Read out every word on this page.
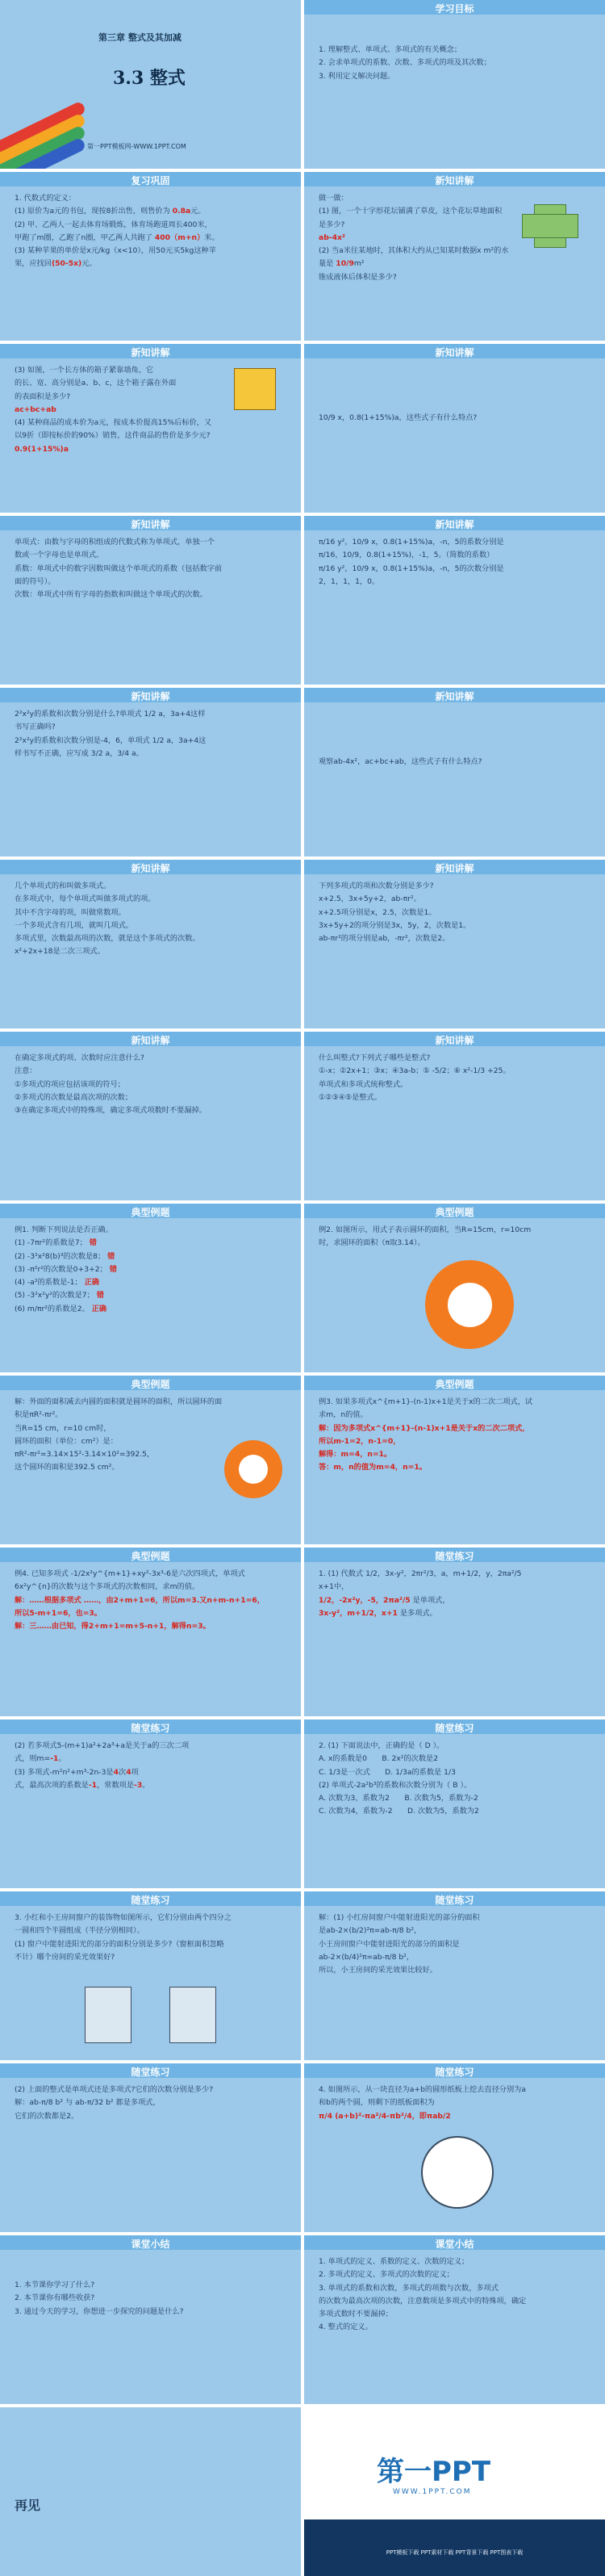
第三章 整式及其加减
3.3 整式
第一PPT模板网-WWW.1PPT.COM
学习目标

1. 理解整式、单项式、多项式的有关概念；

2. 会求单项式的系数、次数、多项式的项及其次数；

3. 利用定义解决问题。

复习巩固

1. 代数式的定义：

(1) 原价为a元的书包，现按8折出售，则售价为 0.8a元。

(2) 甲、乙两人一起去体育场锻炼，体育场跑道周长400米，

甲跑了m圈，乙跑了n圈，甲乙两人共跑了 400（m+n）米。

(3) 某种苹果的单价是x元/kg（x<10），用50元买5kg这种苹

果，应找回(50-5x)元。

新知讲解

做一做：

(1) 图，一个十字形花坛铺满了草皮，这个花坛草地面积

是多少?

ab-4x²

(2) 当a米往某地时，其体积大约从已知某时数据x m²的水

量是 10/9m²

锥成液体后体积是多少?

新知讲解

(3) 如图，一个长方体的箱子紧靠墙角，它

的长、宽、高分别是a、b、c，这个箱子露在外面

的表面积是多少?

ac+bc+ab

(4) 某种商品的成本价为a元，按成本价提高15%后标价，又

以9折（即按标价的90%）销售，这件商品的售价是多少元?

0.9(1+15%)a

新知讲解

10/9 x，0.8(1+15%)a，这些式子有什么特点?

新知讲解

单项式：由数与字母的积组成的代数式称为单项式，单独一个

数或一个字母也是单项式。

系数：单项式中的数字因数叫做这个单项式的系数（包括数字前

面的符号）。

次数：单项式中所有字母的指数和叫做这个单项式的次数。

新知讲解

π/16 y²，10/9 x，0.8(1+15%)a，-n，5的系数分别是

π/16，10/9，0.8(1+15%)，-1，5。（简数的系数）

π/16 y²，10/9 x，0.8(1+15%)a，-n，5的次数分别是

2，1，1，1，0。

新知讲解

2²x²y的系数和次数分别是什么?单项式 1/2 a，3a+4这样

书写正确吗?

2²x²y的系数和次数分别是-4，6，单项式 1/2 a，3a+4这

样书写不正确，应写成 3/2 a，3/4 a。

新知讲解

观察ab-4x²，ac+bc+ab，这些式子有什么特点?

新知讲解

几个单项式的和叫做多项式。

在多项式中，每个单项式叫做多项式的项。

其中不含字母的项，叫做常数项。

一个多项式含有几项，就叫几项式。

多项式里，次数最高项的次数，就是这个多项式的次数。

x²+2x+18是二次三项式。

新知讲解

下列多项式的项和次数分别是多少?

x+2.5，3x+5y+2，ab-πr²。

x+2.5项分别是x，2.5，次数是1。

3x+5y+2的项分别是3x，5y，2，次数是1。

ab-πr²的项分别是ab，-πr²，次数是2。

新知讲解

在确定多项式的项、次数时应注意什么?

注意：

①多项式的项应包括该项的符号；

②多项式的次数是最高次项的次数；

③在确定多项式中的特殊项，确定多项式项数时不要漏掉。

新知讲解

什么叫整式?下列式子哪些是整式?

①-x；②2x+1；③x；④3a-b；⑤ -5/2；⑥ x²-1/3 +25。

单项式和多项式统称整式。

①②③④⑤是整式。

典型例题

例1. 判断下列说法是否正确。

(1) -7πr²的系数是7； 错

(2) -3²x²8(b)³的次数是8； 错

(3) -π²r²的次数是0+3+2； 错

(4) -a²的系数是-1； 正确

(5) -3²x²y²的次数是7； 错

(6) m/πr²的系数是2。 正确

典型例题

例2. 如图所示，用式子表示圆环的面积，当R=15cm，r=10cm

时，求圆环的面积（π取3.14）。

典型例题

解：外面的面积减去内圆的面积就是圆环的面积，所以圆环的面

积是πR²-πr²。

当R=15 cm，r=10 cm时，

圆环的面积（单位：cm²）是：

πR²-πr²=3.14×15²-3.14×10²=392.5，

这个圆环的面积是392.5 cm²。

典型例题

例3. 如果多项式x^{m+1}-(n-1)x+1是关于x的二次二项式，试

求m，n的值。

解：因为多项式x^{m+1}-(n-1)x+1是关于x的二次二项式，

所以m-1=2，n-1=0，

解得：m=4，n=1。

答：m，n的值为m=4，n=1。

典型例题

例4. 已知多项式 -1/2x²y^{m+1}+xy²-3x³-6是六次四项式，单项式

6x²y^{n}的次数与这个多项式的次数相同，求m的值。

解：……根据多项式 ……，由2+m+1=6，所以m=3.又n+m-n+1=6，

所以5-m+1=6，也=3。

解：三……由已知，得2+m+1=m+5-n+1，解得n=3。

随堂练习

1. (1) 代数式 1/2，3x-y²，2πr²/3，a，m+1/2，y，2πa²/5

x+1中，

1/2，-2x²y，-5，2πa²/5 是单项式，

3x-y²，m+1/2，x+1 是多项式。

随堂练习

(2) 若多项式5-(m+1)a²+2a³+a是关于a的三次二项

式，则m=-1。

(3) 多项式-m²n²+m³-2n-3是4次4项

式，最高次项的系数是-1，常数项是-3。

随堂练习

2. (1) 下面说法中，正确的是（ D ）。

A. x的系数是0　　B. 2x²的次数是2

C. 1/3是一次式　　D. 1/3a的系数是 1/3

(2) 单项式-2a²b³的系数和次数分别为（ B ）。

A. 次数为3，系数为2　　B. 次数为5，系数为-2

C. 次数为4，系数为-2　　D. 次数为5，系数为2

随堂练习

3. 小红和小王房间窗户的装饰物如图所示，它们分别由两个四分之

一圆和四个半圆组成（半径分别相同）。

(1) 窗户中能射进阳光的部分的面积分别是多少?（窗框面积忽略

不计）哪个房间的采光效果好?

随堂练习

解：(1) 小红房间窗户中能射进阳光的部分的面积

是ab-2×(b/2)²π=ab-π/8 b²，

小王房间窗户中能射进阳光的部分的面积是

ab-2×(b/4)²π=ab-π/8 b²，

所以，小王房间的采光效果比较好。

随堂练习

(2) 上面的整式是单项式还是多项式?它们的次数分别是多少?

解：ab-π/8 b² 与 ab-π/32 b² 都是多项式，

它们的次数都是2。

随堂练习

4. 如图所示，从一块直径为a+b的圆形纸板上挖去直径分别为a

和b的两个圆，则剩下的纸板面积为

π/4 (a+b)²-πa²/4-πb²/4，即πab/2

课堂小结

1. 本节课你学习了什么?

2. 本节课你有哪些收获?

3. 通过今天的学习，你想进一步探究的问题是什么?

课堂小结

1. 单项式的定义、系数的定义、次数的定义；

2. 多项式的定义、多项式的次数的定义；

3. 单项式的系数和次数，多项式的项数与次数，多项式

的次数为最高次项的次数，注意数项是多项式中的特殊项，确定

多项式数时不要漏掉；

4. 整式的定义。

再见
第一PPT
WWW.1PPT.COM
PPT模板下载 PPT素材下载 PPT背景下载 PPT图表下载
